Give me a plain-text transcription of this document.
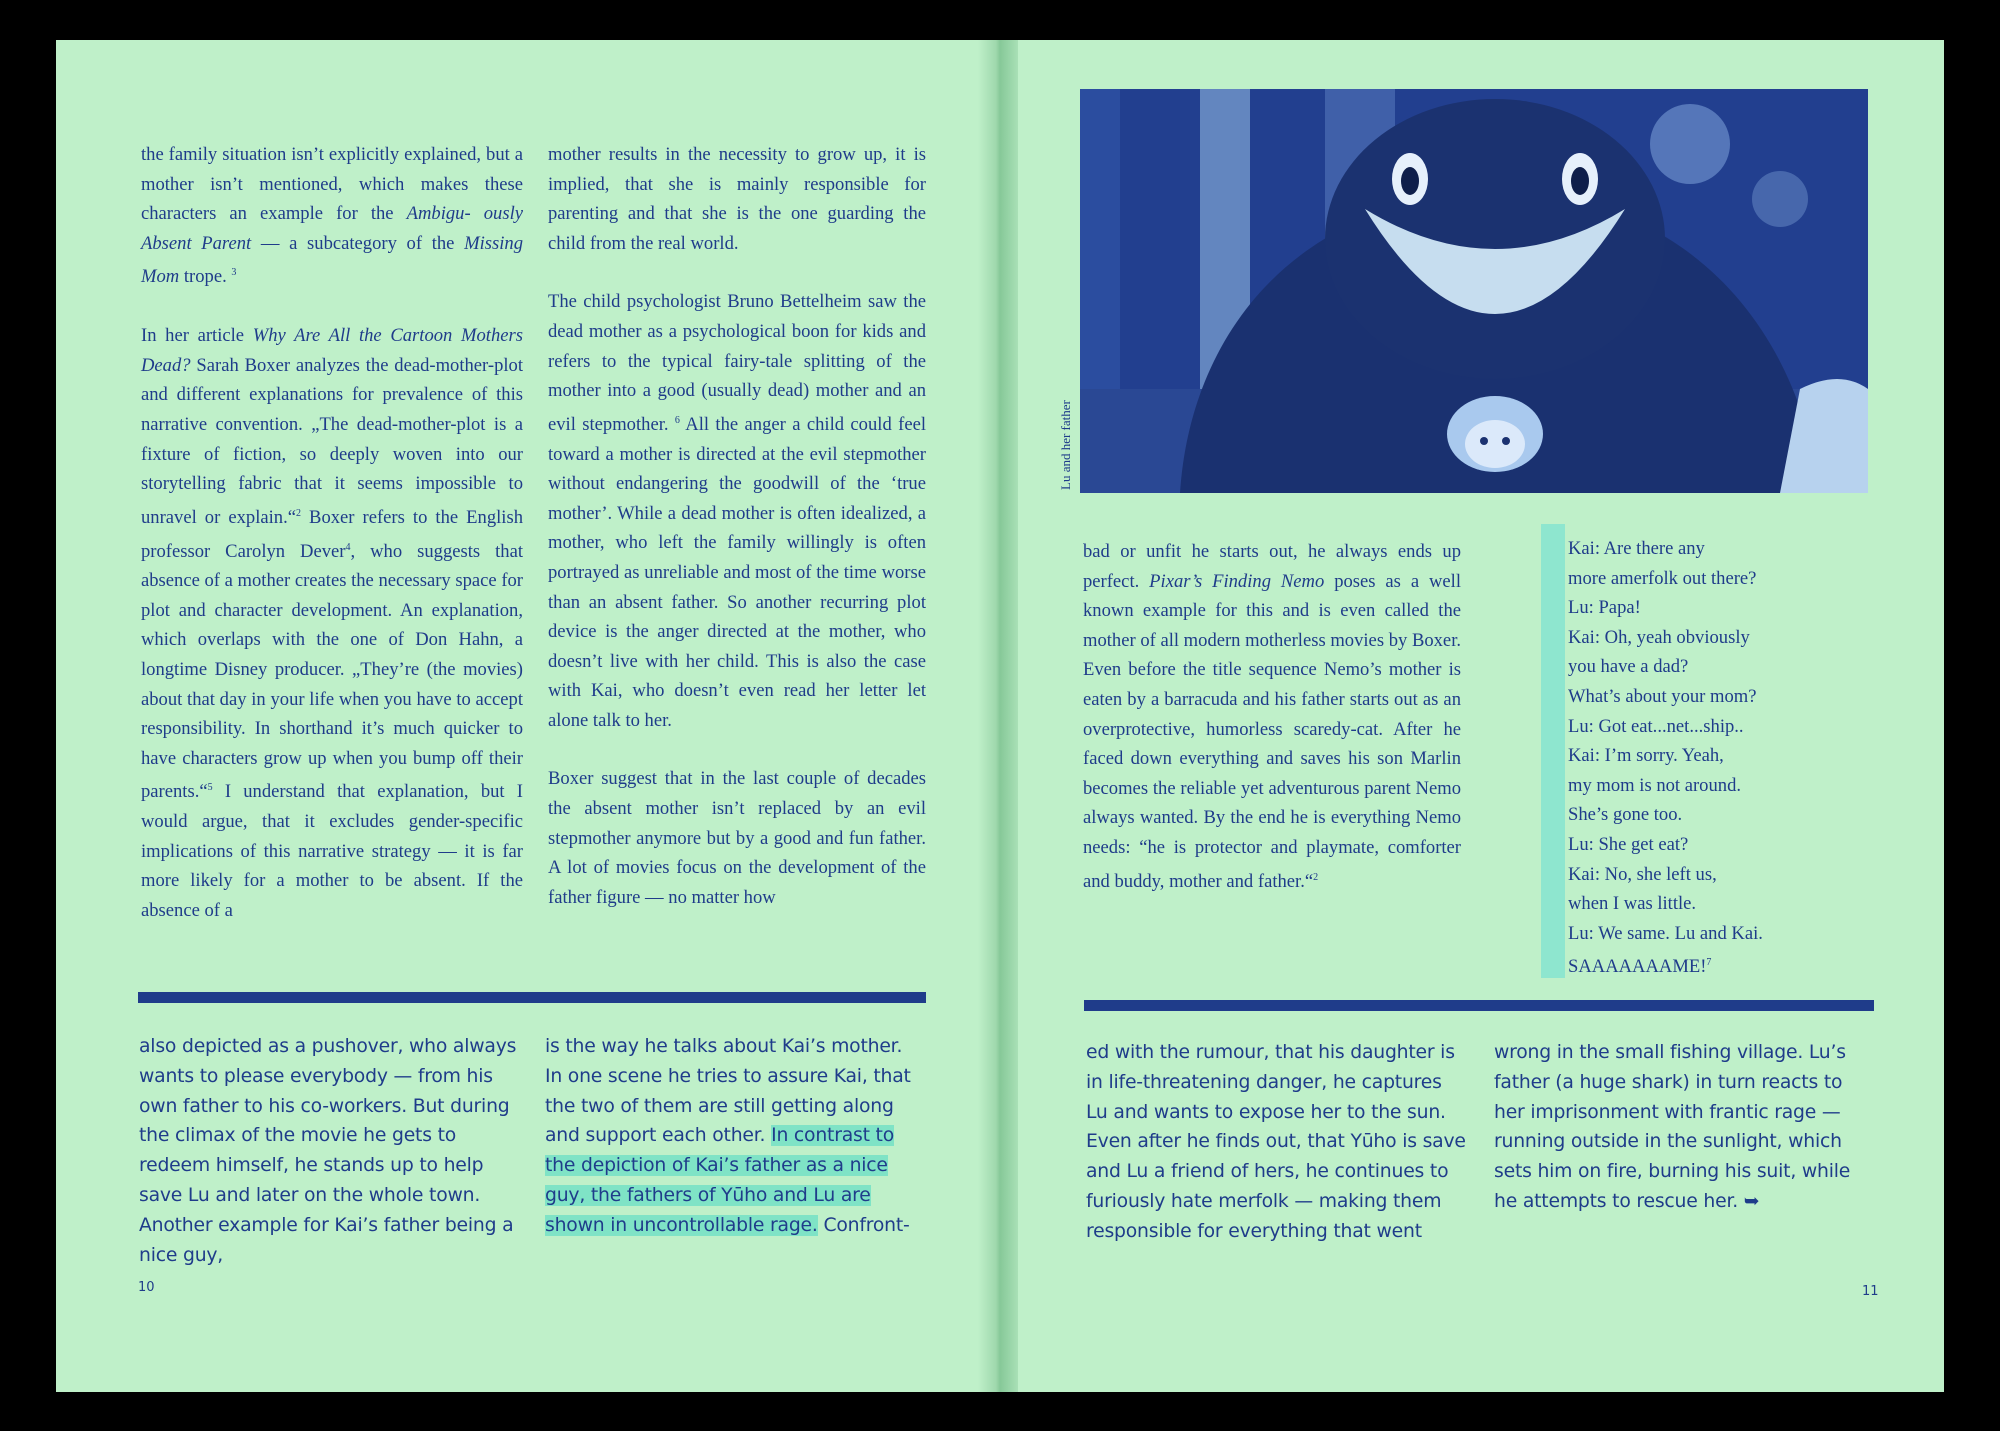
the family situation isn’t explicitly explained, but a mother isn’t mentioned, which makes these characters an example for the Ambigu- ously Absent Parent — a subcategory of the Missing Mom trope. $^3$

In her article Why Are All the Cartoon Mothers Dead? Sarah Boxer analyzes the dead-mother-plot and different explanations for prevalence of this narrative convention. „The dead-mother-plot is a fixture of fiction, so deeply woven into our storytelling fabric that it seems impossible to unravel or explain.“$^2$ Boxer refers to the English professor Carolyn Dever$^4$, who suggests that absence of a mother creates the necessary space for plot and character development. An explanation, which overlaps with the one of Don Hahn, a longtime Disney producer. „They’re (the movies) about that day in your life when you have to accept responsibility. In shorthand it’s much quicker to have characters grow up when you bump off their parents.“$^5$ I understand that explanation, but I would argue, that it excludes gender-specific implications of this narrative strategy — it is far more likely for a mother to be absent. If the absence of a

mother results in the necessity to grow up, it is implied, that she is mainly responsible for parenting and that she is the one guarding the child from the real world.

The child psychologist Bruno Bettelheim saw the dead mother as a psychological boon for kids and refers to the typical fairy-tale splitting of the mother into a good (usually dead) mother and an evil stepmother. $^6$ All the anger a child could feel toward a mother is directed at the evil stepmother without endangering the goodwill of the ‘true mother’. While a dead mother is often idealized, a mother, who left the family willingly is often portrayed as unreliable and most of the time worse than an absent father. So another recurring plot device is the anger directed at the mother, who doesn’t live with her child. This is also the case with Kai, who doesn’t even read her letter let alone talk to her.

Boxer suggest that in the last couple of decades the absent mother isn’t replaced by an evil stepmother anymore but by a good and fun father. A lot of movies focus on the development of the father figure — no matter how

also depicted as a pushover, who always wants to please everybody — from his own father to his co-workers. But during the climax of the movie he gets to redeem himself, he stands up to help save Lu and later on the whole town. Another example for Kai’s father being a nice guy,

is the way he talks about Kai’s mother. In one scene he tries to assure Kai, that the two of them are still getting along and support each other. In contrast to the depiction of Kai’s father as a nice guy, the fathers of Yūho and Lu are shown in uncontrollable rage. Confront-

10
Lu and her father

bad or unfit he starts out, he always ends up perfect. Pixar’s Finding Nemo poses as a well known example for this and is even called the mother of all modern motherless movies by Boxer. Even before the title sequence Nemo’s mother is eaten by a barracuda and his father starts out as an overprotective, humorless scaredy-cat. After he faced down everything and saves his son Marlin becomes the reliable yet adventurous parent Nemo always wanted. By the end he is everything Nemo needs: “he is protector and playmate, comforter and buddy, mother and father.“$^2$

Kai: Are there any
more amerfolk out there?
Lu: Papa!
Kai: Oh, yeah obviously
you have a dad?
What’s about your mom?
Lu: Got eat...net...ship..
Kai: I’m sorry. Yeah,
my mom is not around.
She’s gone too.
Lu: She get eat?
Kai: No, she left us,
when I was little.
Lu: We same. Lu and Kai.
SAAAAAAAME!$^7$

ed with the rumour, that his daughter is in life-threatening danger, he captures Lu and wants to expose her to the sun. Even after he finds out, that Yūho is save and Lu a friend of hers, he continues to furiously hate merfolk — making them responsible for everything that went

wrong in the small fishing village. Lu’s father (a huge shark) in turn reacts to her imprisonment with frantic rage — running outside in the sunlight, which sets him on fire, burning his suit, while he attempts to rescue her. ➥

11
